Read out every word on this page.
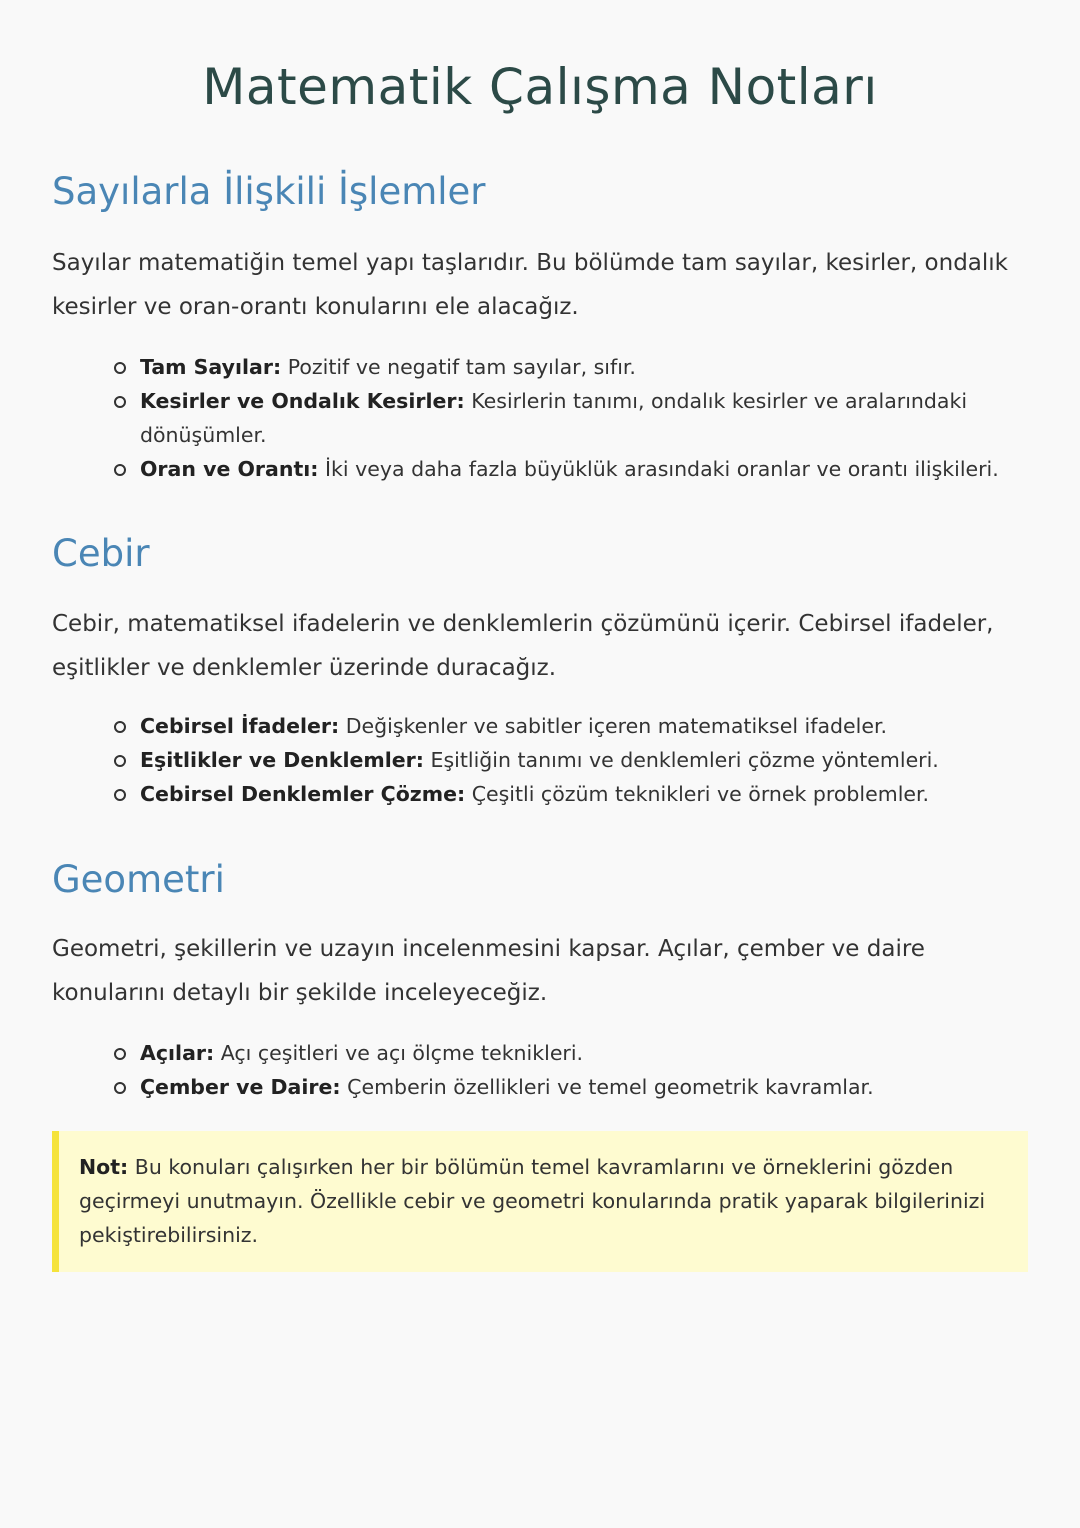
Matematik Çalışma Notları
Sayılarla İlişkili İşlemler

Sayılar matematiğin temel yapı taşlarıdır. Bu bölümde tam sayılar, kesirler, ondalık kesirler ve oran-orantı konularını ele alacağız.

Tam Sayılar: Pozitif ve negatif tam sayılar, sıfır.
Kesirler ve Ondalık Kesirler: Kesirlerin tanımı, ondalık kesirler ve aralarındaki dönüşümler.
Oran ve Orantı: İki veya daha fazla büyüklük arasındaki oranlar ve orantı ilişkileri.
Cebir

Cebir, matematiksel ifadelerin ve denklemlerin çözümünü içerir. Cebirsel ifadeler, eşitlikler ve denklemler üzerinde duracağız.

Cebirsel İfadeler: Değişkenler ve sabitler içeren matematiksel ifadeler.
Eşitlikler ve Denklemler: Eşitliğin tanımı ve denklemleri çözme yöntemleri.
Cebirsel Denklemler Çözme: Çeşitli çözüm teknikleri ve örnek problemler.
Geometri

Geometri, şekillerin ve uzayın incelenmesini kapsar. Açılar, çember ve daire konularını detaylı bir şekilde inceleyeceğiz.

Açılar: Açı çeşitleri ve açı ölçme teknikleri.
Çember ve Daire: Çemberin özellikleri ve temel geometrik kavramlar.
Not: Bu konuları çalışırken her bir bölümün temel kavramlarını ve örneklerini gözden geçirmeyi unutmayın. Özellikle cebir ve geometri konularında pratik yaparak bilgilerinizi pekiştirebilirsiniz.
